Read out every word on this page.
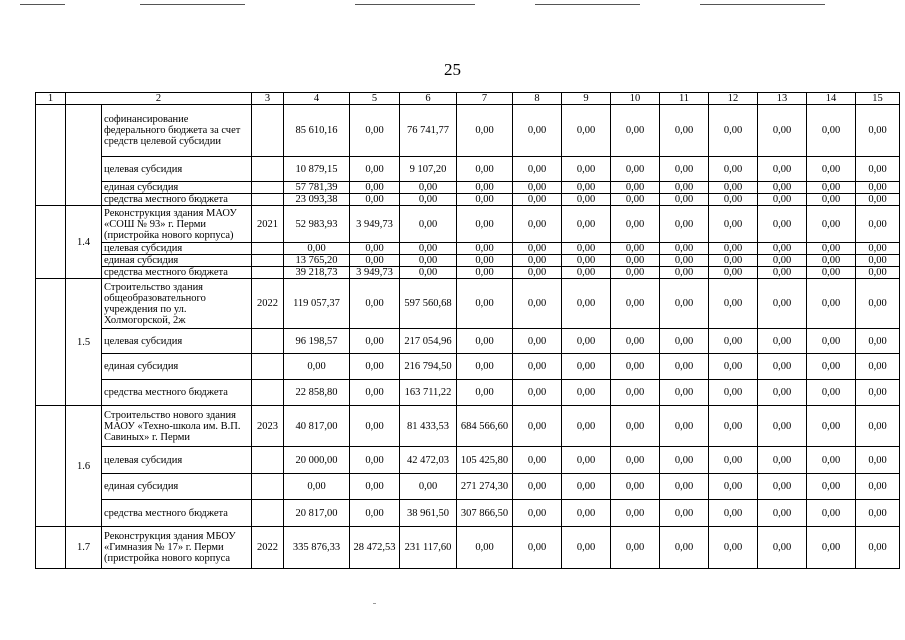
25
1	2		3	4	5	6	7	8	9	10	11	12	13	14	15
		софинансирование федерального бюджета за счет средств целевой субсидии		85 610,16	0,00	76 741,77	0,00	0,00	0,00	0,00	0,00	0,00	0,00	0,00	0,00
		целевая субсидия		10 879,15	0,00	9 107,20	0,00	0,00	0,00	0,00	0,00	0,00	0,00	0,00	0,00
		единая субсидия		57 781,39	0,00	0,00	0,00	0,00	0,00	0,00	0,00	0,00	0,00	0,00	0,00
		средства местного бюджета		23 093,38	0,00	0,00	0,00	0,00	0,00	0,00	0,00	0,00	0,00	0,00	0,00
	1.4	Реконструкция здания МАОУ «СОШ № 93» г. Перми (пристройка нового корпуса)	2021	52 983,93	3 949,73	0,00	0,00	0,00	0,00	0,00	0,00	0,00	0,00	0,00	0,00
		целевая субсидия		0,00	0,00	0,00	0,00	0,00	0,00	0,00	0,00	0,00	0,00	0,00	0,00
		единая субсидия		13 765,20	0,00	0,00	0,00	0,00	0,00	0,00	0,00	0,00	0,00	0,00	0,00
		средства местного бюджета		39 218,73	3 949,73	0,00	0,00	0,00	0,00	0,00	0,00	0,00	0,00	0,00	0,00
	1.5	Строительство здания общеобразовательного учреждения по ул. Холмогорской, 2ж	2022	119 057,37	0,00	597 560,68	0,00	0,00	0,00	0,00	0,00	0,00	0,00	0,00	0,00
		целевая субсидия		96 198,57	0,00	217 054,96	0,00	0,00	0,00	0,00	0,00	0,00	0,00	0,00	0,00
		единая субсидия		0,00	0,00	216 794,50	0,00	0,00	0,00	0,00	0,00	0,00	0,00	0,00	0,00
		средства местного бюджета		22 858,80	0,00	163 711,22	0,00	0,00	0,00	0,00	0,00	0,00	0,00	0,00	0,00
	1.6	Строительство нового здания МАОУ «Техно-школа им. В.П. Савиных» г. Перми	2023	40 817,00	0,00	81 433,53	684 566,60	0,00	0,00	0,00	0,00	0,00	0,00	0,00	0,00
		целевая субсидия		20 000,00	0,00	42 472,03	105 425,80	0,00	0,00	0,00	0,00	0,00	0,00	0,00	0,00
		единая субсидия		0,00	0,00	0,00	271 274,30	0,00	0,00	0,00	0,00	0,00	0,00	0,00	0,00
		средства местного бюджета		20 817,00	0,00	38 961,50	307 866,50	0,00	0,00	0,00	0,00	0,00	0,00	0,00	0,00
	1.7	Реконструкция здания МБОУ «Гимназия № 17» г. Перми (пристройка нового корпуса	2022	335 876,33	28 472,53	231 117,60	0,00	0,00	0,00	0,00	0,00	0,00	0,00	0,00	0,00
